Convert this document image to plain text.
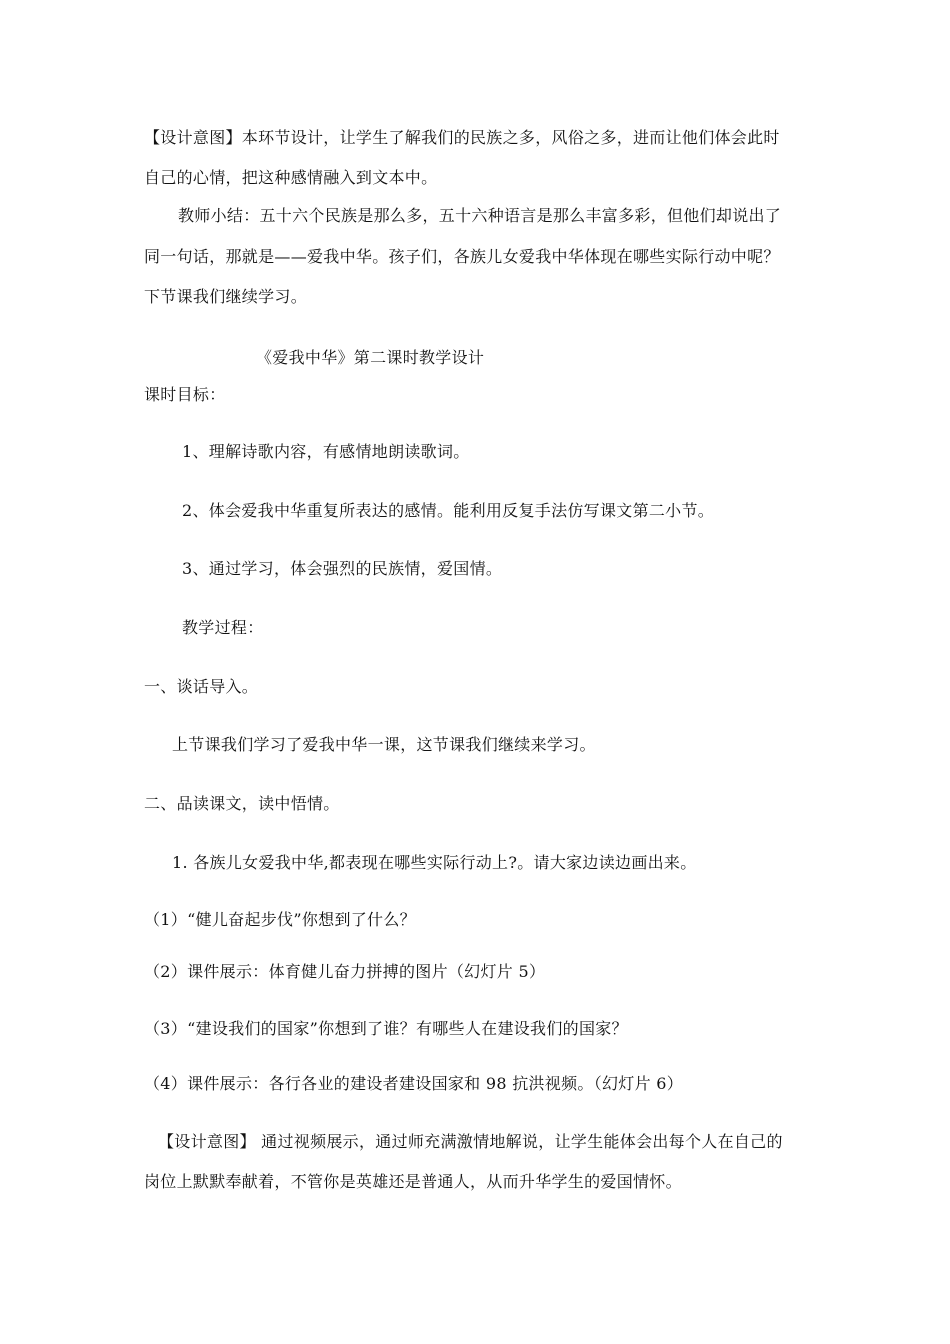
【设计意图】本环节设计，让学生了解我们的民族之多，风俗之多，进而让他们体会此时
自己的心情，把这种感情融入到文本中。
教师小结：五十六个民族是那么多，五十六种语言是那么丰富多彩，但他们却说出了
同一句话，那就是——爱我中华。孩子们，各族儿女爱我中华体现在哪些实际行动中呢？
下节课我们继续学习。
《爱我中华》第二课时教学设计
课时目标：
1、理解诗歌内容，有感情地朗读歌词。
2、体会爱我中华重复所表达的感情。能利用反复手法仿写课文第二小节。
3、通过学习，体会强烈的民族情，爱国情。
教学过程：
一、谈话导入。
上节课我们学习了爱我中华一课，这节课我们继续来学习。
二、品读课文，读中悟情。
1. 各族儿女爱我中华,都表现在哪些实际行动上?。请大家边读边画出来。
（1）“健儿奋起步伐”你想到了什么？
（2）课件展示：体育健儿奋力拼搏的图片（幻灯片 5）
（3）“建设我们的国家”你想到了谁？有哪些人在建设我们的国家？
（4）课件展示：各行各业的建设者建设国家和 98 抗洪视频。（幻灯片 6）
【设计意图】 通过视频展示，通过师充满激情地解说，让学生能体会出每个人在自己的
岗位上默默奉献着，不管你是英雄还是普通人，从而升华学生的爱国情怀。
